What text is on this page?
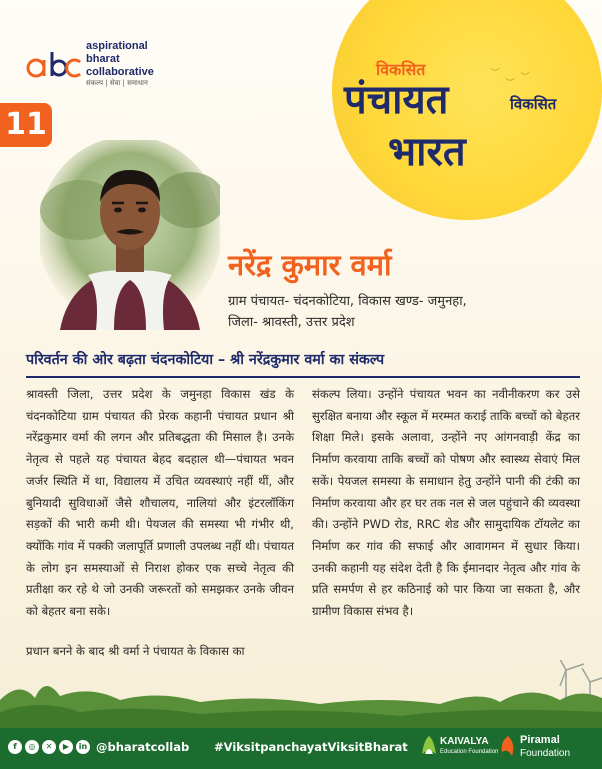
︶
︶
︶
विकसित
पंचायत	विकसित
भारत
aspirational
bharat
collaborative
संकल्प | सेवा | समाधान
11
नरेंद्र कुमार वर्मा
ग्राम पंचायत- चंदनकोटिया, विकास खण्ड- जमुनहा,
जिला- श्रावस्ती, उत्तर प्रदेश
परिवर्तन की ओर बढ़ता चंदनकोटिया – श्री नरेंद्रकुमार वर्मा का संकल्प

श्रावस्ती जिला, उत्तर प्रदेश के जमुनहा विकास खंड के चंदनकोटिया ग्राम पंचायत की प्रेरक कहानी पंचायत प्रधान श्री नरेंद्रकुमार वर्मा की लगन और प्रतिबद्धता की मिसाल है। उनके नेतृत्व से पहले यह पंचायत बेहद बदहाल थी—पंचायत भवन जर्जर स्थिति में था, विद्यालय में उचित व्यवस्थाएं नहीं थीं, और बुनियादी सुविधाओं जैसे शौचालय, नालियां और इंटरलॉकिंग सड़कों की भारी कमी थी। पेयजल की समस्या भी गंभीर थी, क्योंकि गांव में पक्की जलापूर्ति प्रणाली उपलब्ध नहीं थी। पंचायत के लोग इन समस्याओं से निराश होकर एक सच्चे नेतृत्व की प्रतीक्षा कर रहे थे जो उनकी जरूरतों को समझकर उनके जीवन को बेहतर बना सके।

प्रधान बनने के बाद श्री वर्मा ने पंचायत के विकास का

संकल्प लिया। उन्होंने पंचायत भवन का नवीनीकरण कर उसे सुरक्षित बनाया और स्कूल में मरम्मत कराई ताकि बच्चों को बेहतर शिक्षा मिले। इसके अलावा, उन्होंने नए आंगनवाड़ी केंद्र का निर्माण करवाया ताकि बच्चों को पोषण और स्वास्थ्य सेवाएं मिल सकें। पेयजल समस्या के समाधान हेतु उन्होंने पानी की टंकी का निर्माण करवाया और हर घर तक नल से जल पहुंचाने की व्यवस्था की। उन्होंने PWD रोड, RRC शेड और सामुदायिक टॉयलेट का निर्माण कर गांव की सफाई और आवागमन में सुधार किया। उनकी कहानी यह संदेश देती है कि ईमानदार नेतृत्व और गांव के प्रति समर्पण से हर कठिनाई को पार किया जा सकता है, और ग्रामीण विकास संभव है।

f	◎	✕	▶	in @bharatcollab #ViksitpanchayatViksitBharat	KAIVALYA
Education Foundation
Piramal
Foundation
